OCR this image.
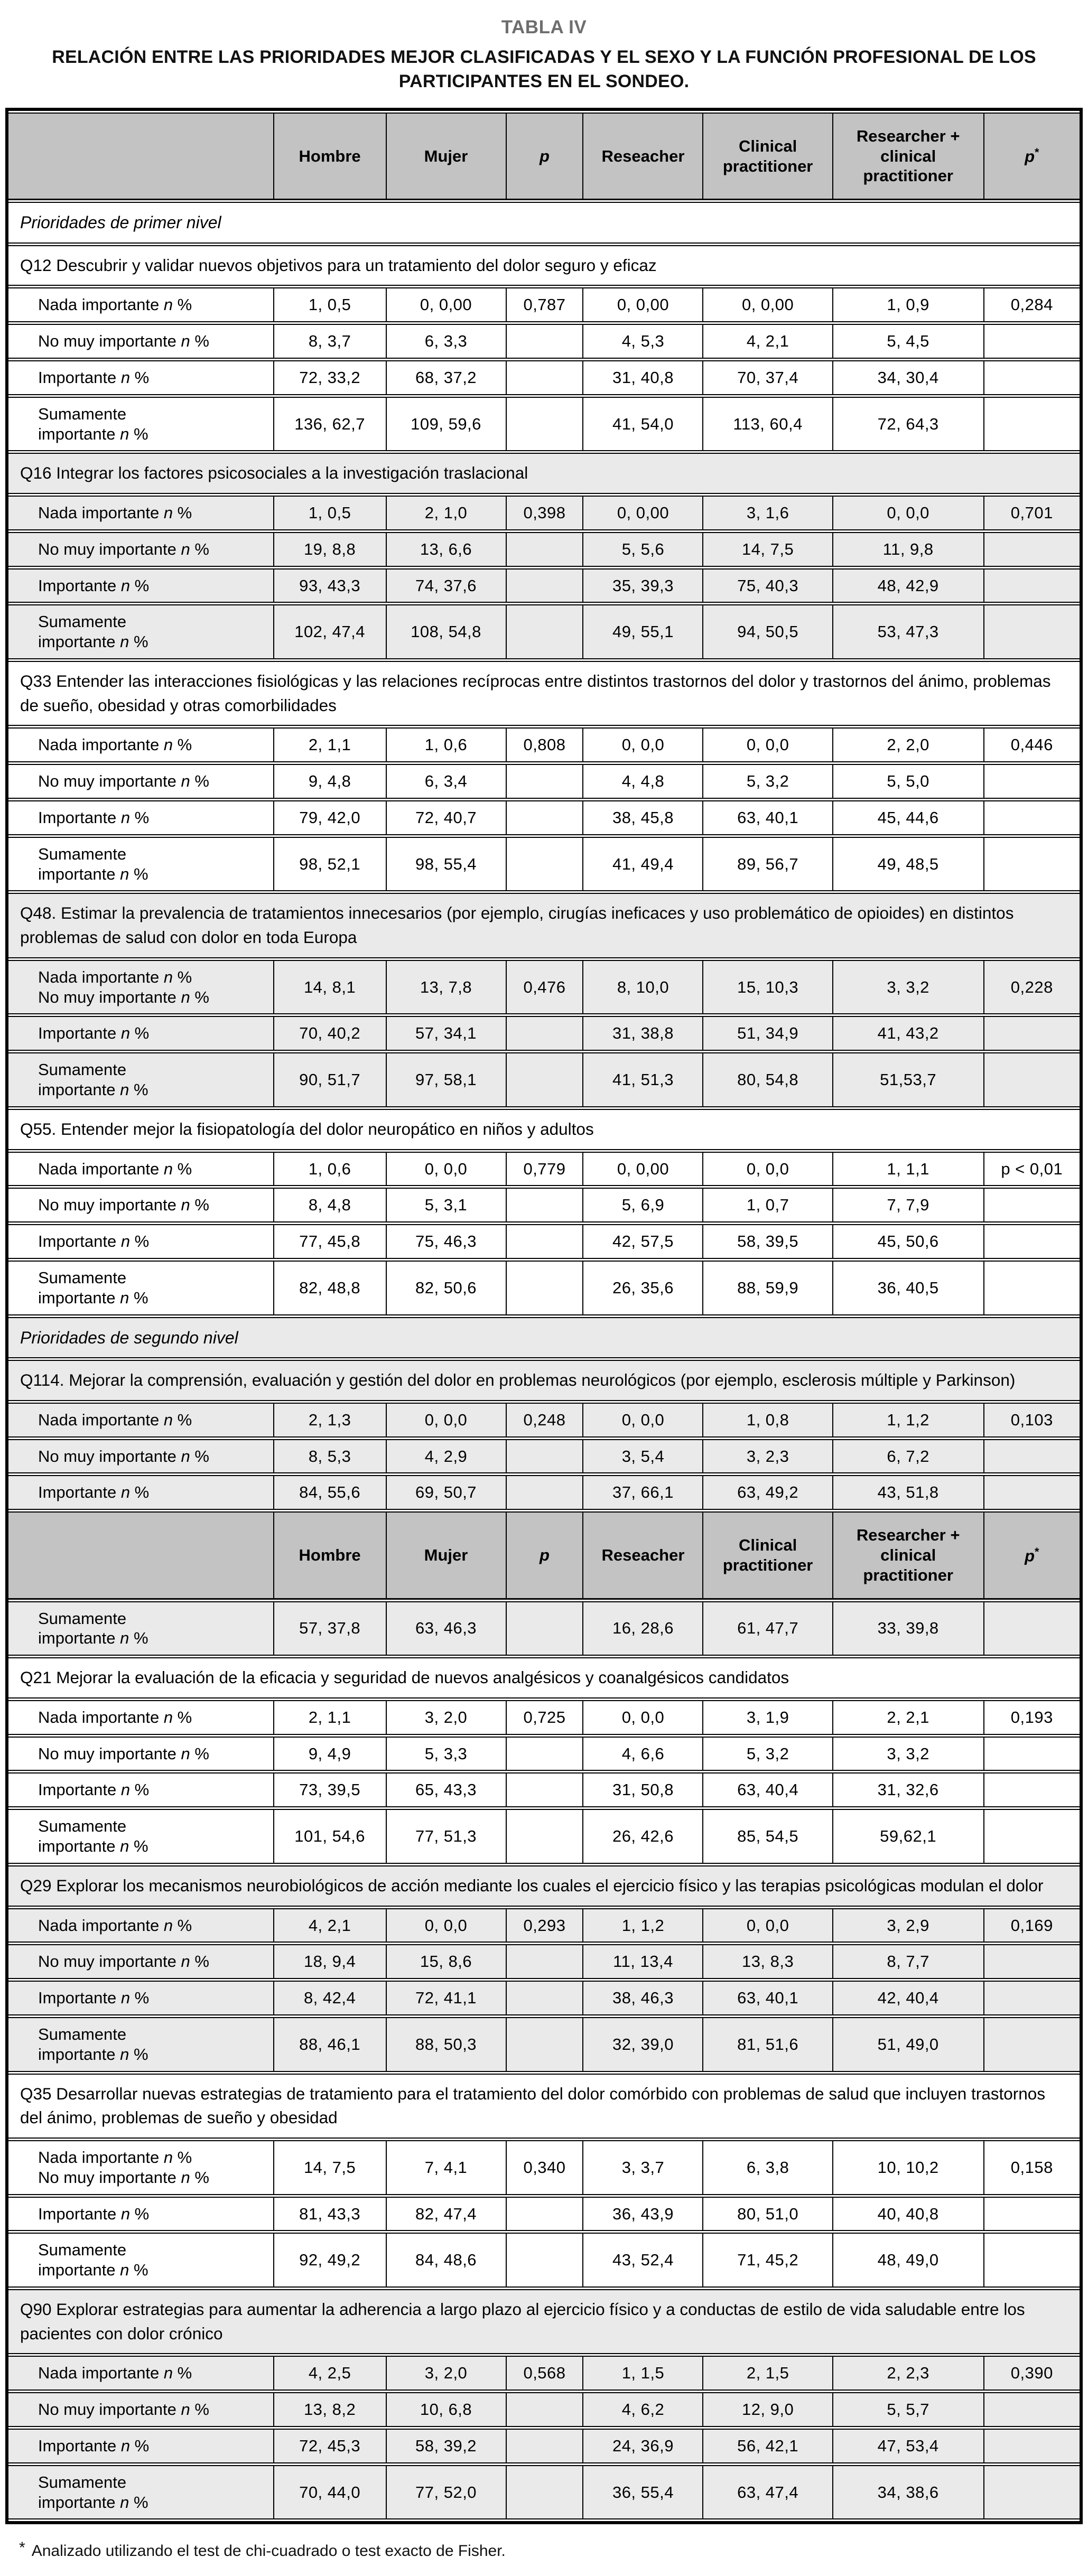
TABLA IV
RELACIÓN ENTRE LAS PRIORIDADES MEJOR CLASIFICADAS Y EL SEXO Y LA FUNCIÓN PROFESIONAL DE LOS PARTICIPANTES EN EL SONDEO.
	Hombre	Mujer	p	Reseacher	Clinical practitioner	Researcher + clinical practitioner	p*
Prioridades de primer nivel							
Q12 Descubrir y validar nuevos objetivos para un tratamiento del dolor seguro y eficaz							

Nada importante n %	1, 0,5	0, 0,00	0,787	0, 0,00	0, 0,00	1, 0,9	0,284

No muy importante n %	8, 3,7	6, 3,3		4, 5,3	4, 2,1	5, 4,5	

Importante n %	72, 33,2	68, 37,2		31, 40,8	70, 37,4	34, 30,4	

Sumamente
importante n %	136, 62,7	109, 59,6		41, 54,0	113, 60,4	72, 64,3	
Q16 Integrar los factores psicosociales a la investigación traslacional							

Nada importante n %	1, 0,5	2, 1,0	0,398	0, 0,00	3, 1,6	0, 0,0	0,701

No muy importante n %	19, 8,8	13, 6,6		5, 5,6	14, 7,5	11, 9,8	

Importante n %	93, 43,3	74, 37,6		35, 39,3	75, 40,3	48, 42,9	

Sumamente
importante n %	102, 47,4	108, 54,8		49, 55,1	94, 50,5	53, 47,3	
Q33 Entender las interacciones fisiológicas y las relaciones recíprocas entre distintos trastornos del dolor y trastornos del ánimo, problemas de sueño, obesidad y otras comorbilidades							

Nada importante n %	2, 1,1	1, 0,6	0,808	0, 0,0	0, 0,0	2, 2,0	0,446

No muy importante n %	9, 4,8	6, 3,4		4, 4,8	5, 3,2	5, 5,0	

Importante n %	79, 42,0	72, 40,7		38, 45,8	63, 40,1	45, 44,6	

Sumamente
importante n %	98, 52,1	98, 55,4		41, 49,4	89, 56,7	49, 48,5	
Q48. Estimar la prevalencia de tratamientos innecesarios (por ejemplo, cirugías ineficaces y uso problemático de opioides) en distintos problemas de salud con dolor en toda Europa							

Nada importante n %
No muy importante n %	14, 8,1	13, 7,8	0,476	8, 10,0	15, 10,3	3, 3,2	0,228

Importante n %	70, 40,2	57, 34,1		31, 38,8	51, 34,9	41, 43,2	

Sumamente
importante n %	90, 51,7	97, 58,1		41, 51,3	80, 54,8	51,53,7	
Q55. Entender mejor la fisiopatología del dolor neuropático en niños y adultos							

Nada importante n %	1, 0,6	0, 0,0	0,779	0, 0,00	0, 0,0	1, 1,1	p < 0,01

No muy importante n %	8, 4,8	5, 3,1		5, 6,9	1, 0,7	7, 7,9	

Importante n %	77, 45,8	75, 46,3		42, 57,5	58, 39,5	45, 50,6	

Sumamente
importante n %	82, 48,8	82, 50,6		26, 35,6	88, 59,9	36, 40,5	
Prioridades de segundo nivel							
Q114. Mejorar la comprensión, evaluación y gestión del dolor en problemas neurológicos (por ejemplo, esclerosis múltiple y Parkinson)							

Nada importante n %	2, 1,3	0, 0,0	0,248	0, 0,0	1, 0,8	1, 1,2	0,103

No muy importante n %	8, 5,3	4, 2,9		3, 5,4	3, 2,3	6, 7,2	

Importante n %	84, 55,6	69, 50,7		37, 66,1	63, 49,2	43, 51,8	
	Hombre	Mujer	p	Reseacher	Clinical practitioner	Researcher + clinical practitioner	p*

Sumamente
importante n %	57, 37,8	63, 46,3		16, 28,6	61, 47,7	33, 39,8	
Q21 Mejorar la evaluación de la eficacia y seguridad de nuevos analgésicos y coanalgésicos candidatos							

Nada importante n %	2, 1,1	3, 2,0	0,725	0, 0,0	3, 1,9	2, 2,1	0,193

No muy importante n %	9, 4,9	5, 3,3		4, 6,6	5, 3,2	3, 3,2	

Importante n %	73, 39,5	65, 43,3		31, 50,8	63, 40,4	31, 32,6	

Sumamente
importante n %	101, 54,6	77, 51,3		26, 42,6	85, 54,5	59,62,1	
Q29 Explorar los mecanismos neurobiológicos de acción mediante los cuales el ejercicio físico y las terapias psicológicas modulan el dolor							

Nada importante n %	4, 2,1	0, 0,0	0,293	1, 1,2	0, 0,0	3, 2,9	0,169

No muy importante n %	18, 9,4	15, 8,6		11, 13,4	13, 8,3	8, 7,7	

Importante n %	8, 42,4	72, 41,1		38, 46,3	63, 40,1	42, 40,4	

Sumamente
importante n %	88, 46,1	88, 50,3		32, 39,0	81, 51,6	51, 49,0	
Q35 Desarrollar nuevas estrategias de tratamiento para el tratamiento del dolor comórbido con problemas de salud que incluyen trastornos del ánimo, problemas de sueño y obesidad							

Nada importante n %
No muy importante n %	14, 7,5	7, 4,1	0,340	3, 3,7	6, 3,8	10, 10,2	0,158

Importante n %	81, 43,3	82, 47,4		36, 43,9	80, 51,0	40, 40,8	

Sumamente
importante n %	92, 49,2	84, 48,6		43, 52,4	71, 45,2	48, 49,0	
Q90 Explorar estrategias para aumentar la adherencia a largo plazo al ejercicio físico y a conductas de estilo de vida saludable entre los pacientes con dolor crónico							

Nada importante n %	4, 2,5	3, 2,0	0,568	1, 1,5	2, 1,5	2, 2,3	0,390

No muy importante n %	13, 8,2	10, 6,8		4, 6,2	12, 9,0	5, 5,7	

Importante n %	72, 45,3	58, 39,2		24, 36,9	56, 42,1	47, 53,4	

Sumamente
importante n %	70, 44,0	77, 52,0		36, 55,4	63, 47,4	34, 38,6	
* Analizado utilizando el test de chi-cuadrado o test exacto de Fisher.
